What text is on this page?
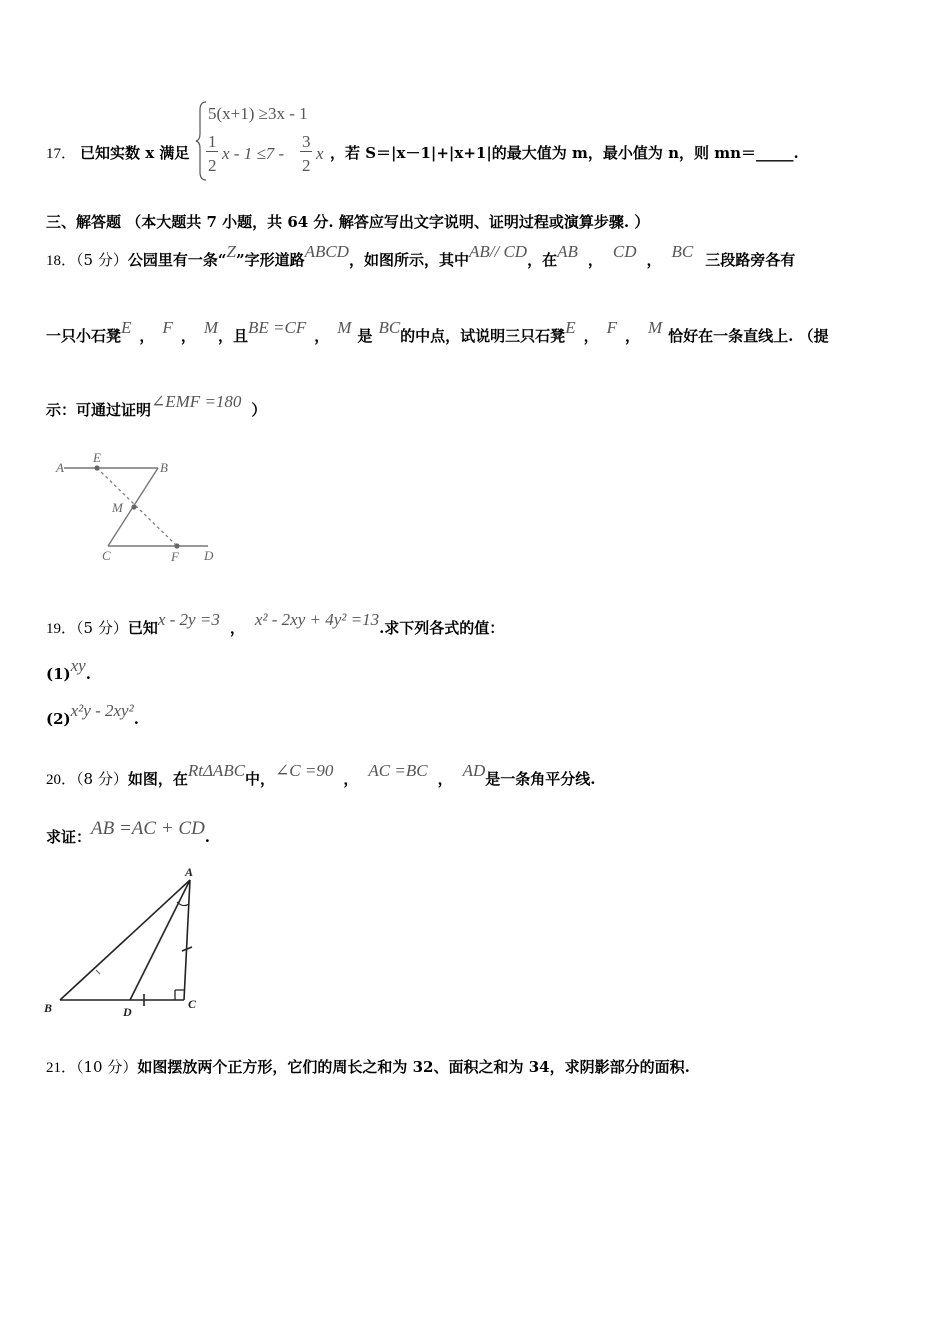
17． 已知实数 x 满足
5(x+1) ≥3x - 1
1
2
x - 1 ≤7 -
3
2
x ，若 S＝|x－1|+|x+1|的最大值为 m，最小值为 n，则 mn＝_____.
三、解答题 （本大题共 7 小题，共 64 分. 解答应写出文字说明、证明过程或演算步骤. ）
18．（5 分）公园里有一条“Z”字形道路ABCD，如图所示，其中AB// CD，在AB ， CD ， BC 三段路旁各有
一只小石凳E ， F ， M，且BE =CF ， M 是 BC的中点，试说明三只石凳E ， F ， M 恰好在一条直线上. （提
示：可通过证明∠EMF =180 ）
A
E
B
M
C	F D
19．（5 分）已知x - 2y =3 ， x² - 2xy + 4y² =13.求下列各式的值：
(1)xy.
(2)x²y - 2xy².
20．（8 分）如图，在RtΔABC中，∠C =90 ， AC =BC ， AD是一条角平分线.
求证：AB =AC + CD.
A
B	C
D
21．（10 分）如图摆放两个正方形，它们的周长之和为 32、面积之和为 34，求阴影部分的面积.
